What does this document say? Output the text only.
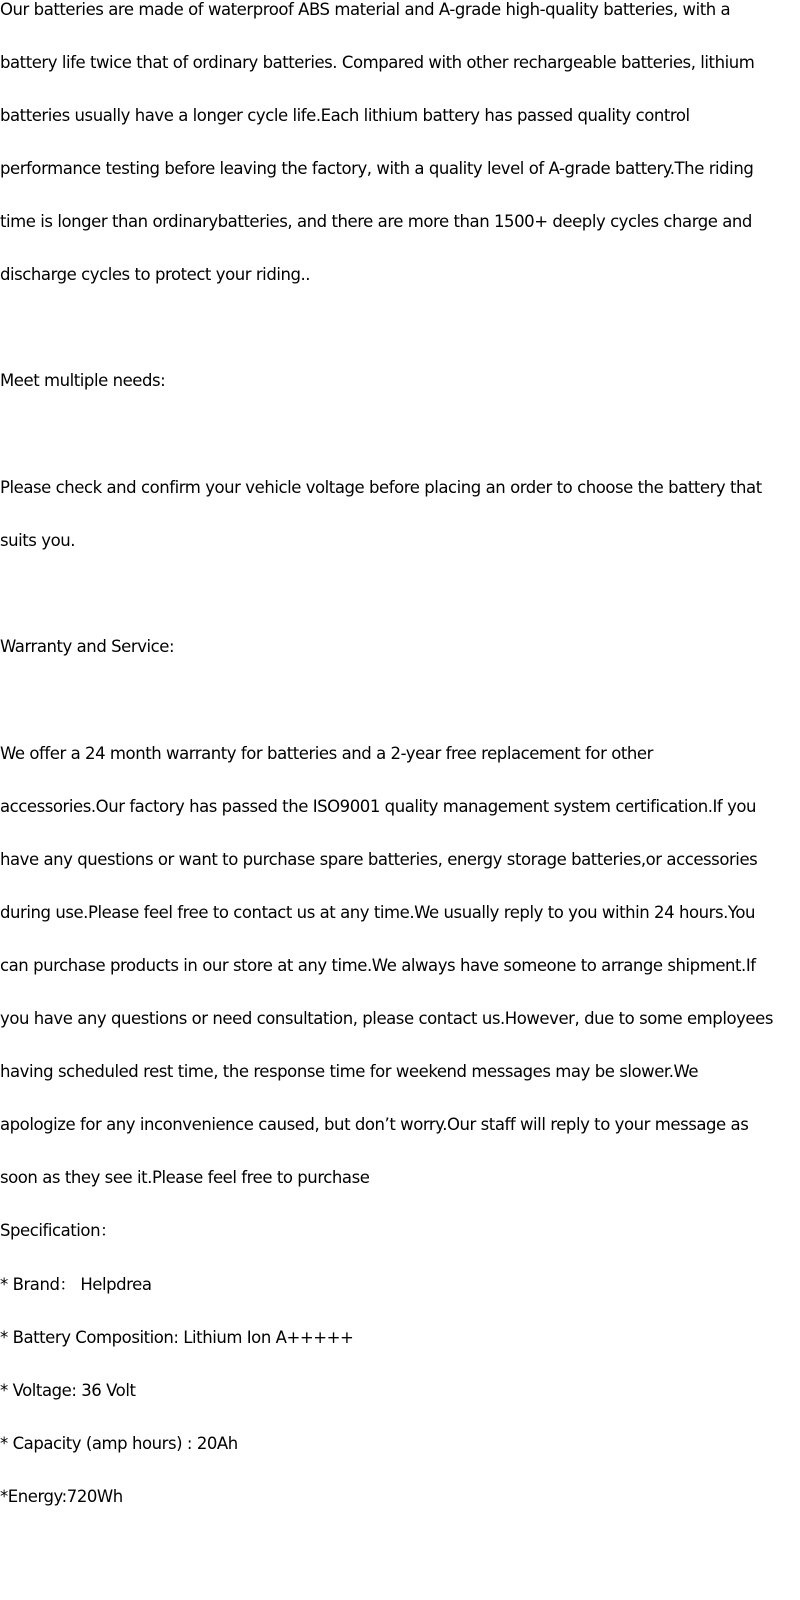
Our batteries are made of waterproof ABS material and A-grade high-quality batteries, with a
battery life twice that of ordinary batteries. Compared with other rechargeable batteries, lithium
batteries usually have a longer cycle life.Each lithium battery has passed quality control
performance testing before leaving the factory, with a quality level of A-grade battery.The riding
time is longer than ordinarybatteries, and there are more than 1500+ deeply cycles charge and
discharge cycles to protect your riding..
Meet multiple needs:
Please check and confirm your vehicle voltage before placing an order to choose the battery that
suits you.
Warranty and Service:
We offer a 24 month warranty for batteries and a 2-year free replacement for other
accessories.Our factory has passed the ISO9001 quality management system certification.If you
have any questions or want to purchase spare batteries, energy storage batteries,or accessories
during use.Please feel free to contact us at any time.We usually reply to you within 24 hours.You
can purchase products in our store at any time.We always have someone to arrange shipment.If
you have any questions or need consultation, please contact us.However, due to some employees
having scheduled rest time, the response time for weekend messages may be slower.We
apologize for any inconvenience caused, but don’t worry.Our staff will reply to your message as
soon as they see it.Please feel free to purchase
Specification：
* Brand： Helpdrea
* Battery Composition: Lithium Ion A+++++
* Voltage: 36 Volt
* Capacity (amp hours) : 20Ah
*Energy:720Wh
